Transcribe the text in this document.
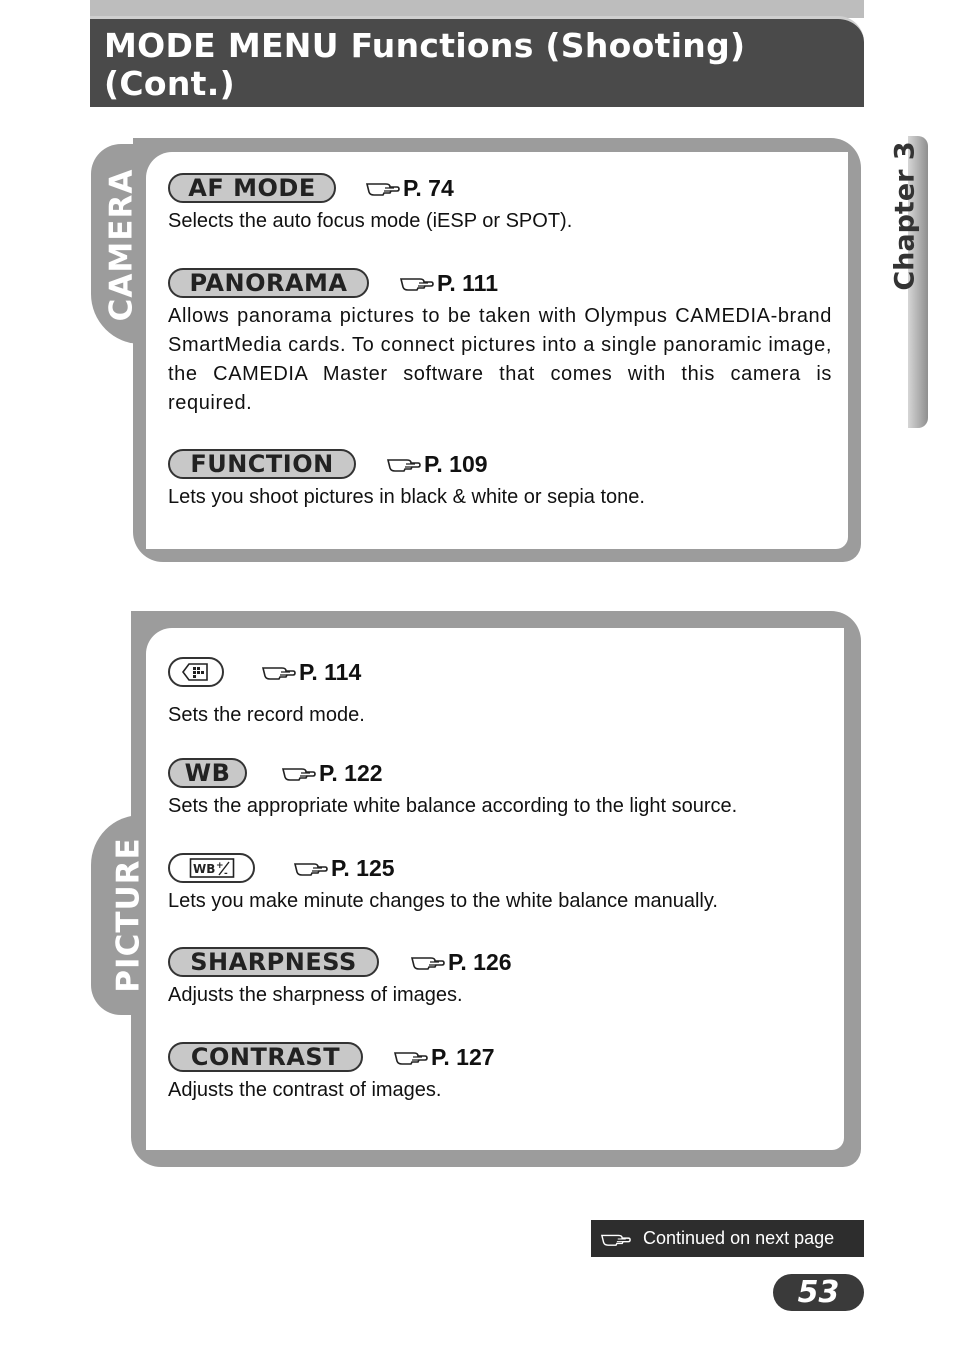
MODE MENU Functions (Shooting) (Cont.)
Chapter 3
CAMERA
PICTURE
AF MODE	P. 74

Selects the auto focus mode (iESP or SPOT).

PANORAMA	P. 111

Allows panorama pictures to be taken with Olympus CAMEDIA-brand SmartMedia cards. To connect pictures into a single panoramic image, the CAMEDIA Master software that comes with this camera is required.

FUNCTION	P. 109

Lets you shoot pictures in black & white or sepia tone.

P. 114

Sets the record mode.

WB	P. 122

Sets the appropriate white balance according to the light source.

WB +
-	P. 125

Lets you make minute changes to the white balance manually.

SHARPNESS	P. 126

Adjusts the sharpness of images.

CONTRAST	P. 127

Adjusts the contrast of images.

Continued on next page
53
